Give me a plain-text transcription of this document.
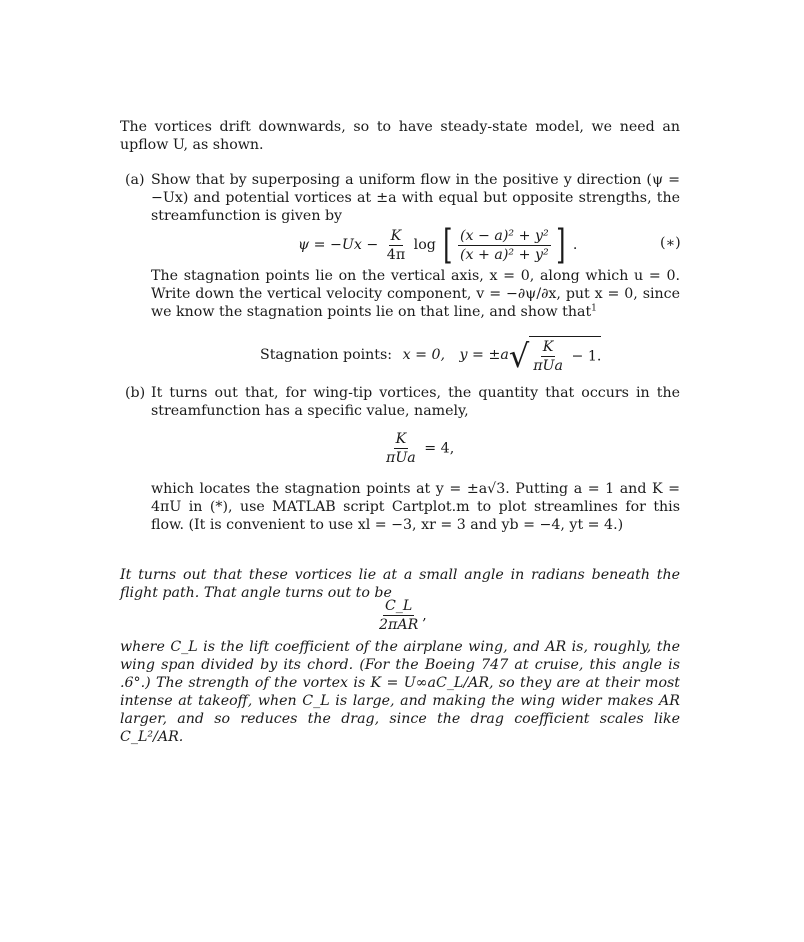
The vortices drift downwards, so to have steady-state model, we need an upflow U, as shown.
(a) Show that by superposing a uniform flow in the positive y direction (ψ = −Ux) and potential vortices at ±a with equal but opposite strengths, the streamfunction is given by

$\psi = -Ux - \frac{K}{4\pi}$ log [ $\frac{\text{(x − a)² + y²}}{\text{(x + a)² + y²}}$ ] .	(∗)

The stagnation points lie on the vertical axis, x = 0, along which u = 0. Write down the vertical velocity component, v = −∂ψ/∂x, put x = 0, since we know the stagnation points lie on that line, and show that$^1$

Stagnation points: x = 0, y = ±a √ $\frac{K}{\text{πUa}} - 1$.
(b) It turns out that, for wing-tip vortices, the quantity that occurs in the streamfunction has a specific value, namely,

$\frac{K}{\text{πUa}} = 4$,

which locates the stagnation points at y = ±a√3. Putting a = 1 and K = 4πU in (*), use MATLAB script Cartplot.m to plot streamlines for this flow. (It is convenient to use xl = −3, xr = 3 and yb = −4, yt = 4.)

It turns out that these vortices lie at a small angle in radians beneath the flight path. That angle turns out to be
$\frac{C\_L}{\text{2πAR}}$ ,
where C_L is the lift coefficient of the airplane wing, and AR is, roughly, the wing span divided by its chord. (For the Boeing 747 at cruise, this angle is .6°.) The strength of the vortex is K = U∞aC_L/AR, so they are at their most intense at takeoff, when C_L is large, and making the wing wider makes AR larger, and so reduces the drag, since the drag coefficient scales like C_L²/AR.
